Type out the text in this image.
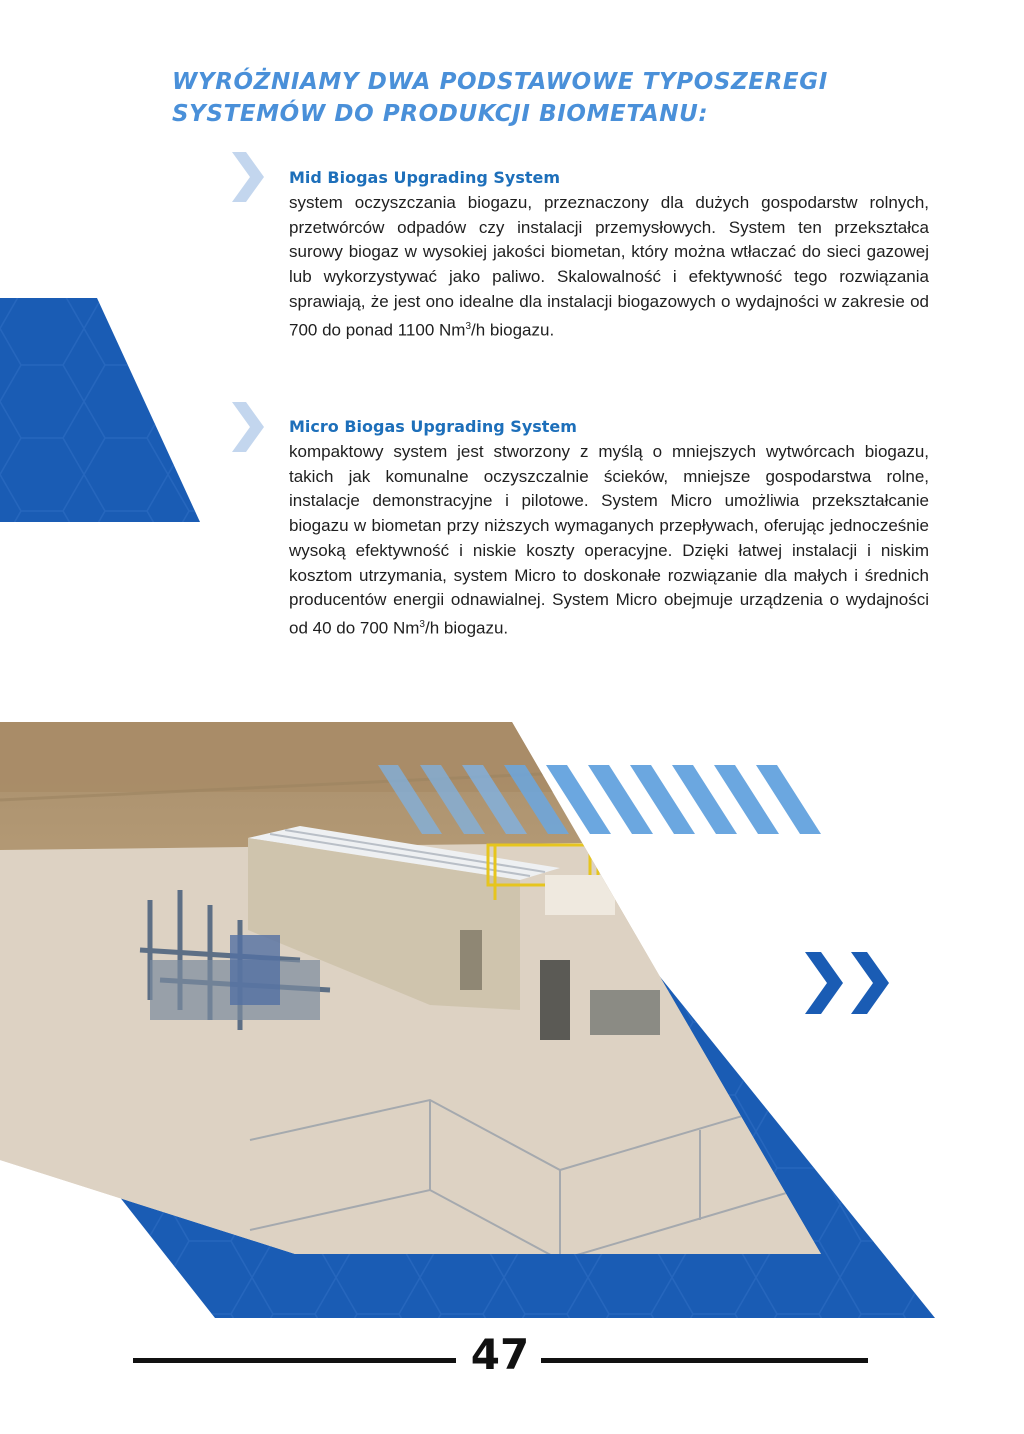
WYRÓŻNIAMY DWA PODSTAWOWE TYPOSZEREGI
SYSTEMÓW DO PRODUKCJI BIOMETANU:
Mid Biogas Upgrading System

system oczyszczania biogazu, przeznaczony dla dużych gospodarstw rolnych, przetwórców odpadów czy instalacji przemysłowych. System ten przekształca surowy biogaz w wysokiej jakości biometan, który można wtłaczać do sieci gazowej lub wykorzystywać jako paliwo. Skalowalność i efektywność tego rozwiązania sprawiają, że jest ono idealne dla instalacji biogazowych o wydajności w zakresie od 700 do ponad 1100 Nm$^3$/h biogazu.

Micro Biogas Upgrading System

kompaktowy system jest stworzony z myślą o mniejszych wytwórcach biogazu, takich jak komunalne oczyszczalnie ścieków, mniejsze gospodarstwa rolne, instalacje demonstracyjne i pilotowe. System Micro umożliwia przekształcanie biogazu w biometan przy niższych wymaganych przepływach, oferując jednocześnie wysoką efektywność i niskie koszty operacyjne. Dzięki łatwej instalacji i niskim kosztom utrzymania, system Micro to doskonałe rozwiązanie dla małych i średnich producentów energii odnawialnej. System Micro obejmuje urządzenia o wydajności od 40 do 700 Nm$^3$/h biogazu.

47
